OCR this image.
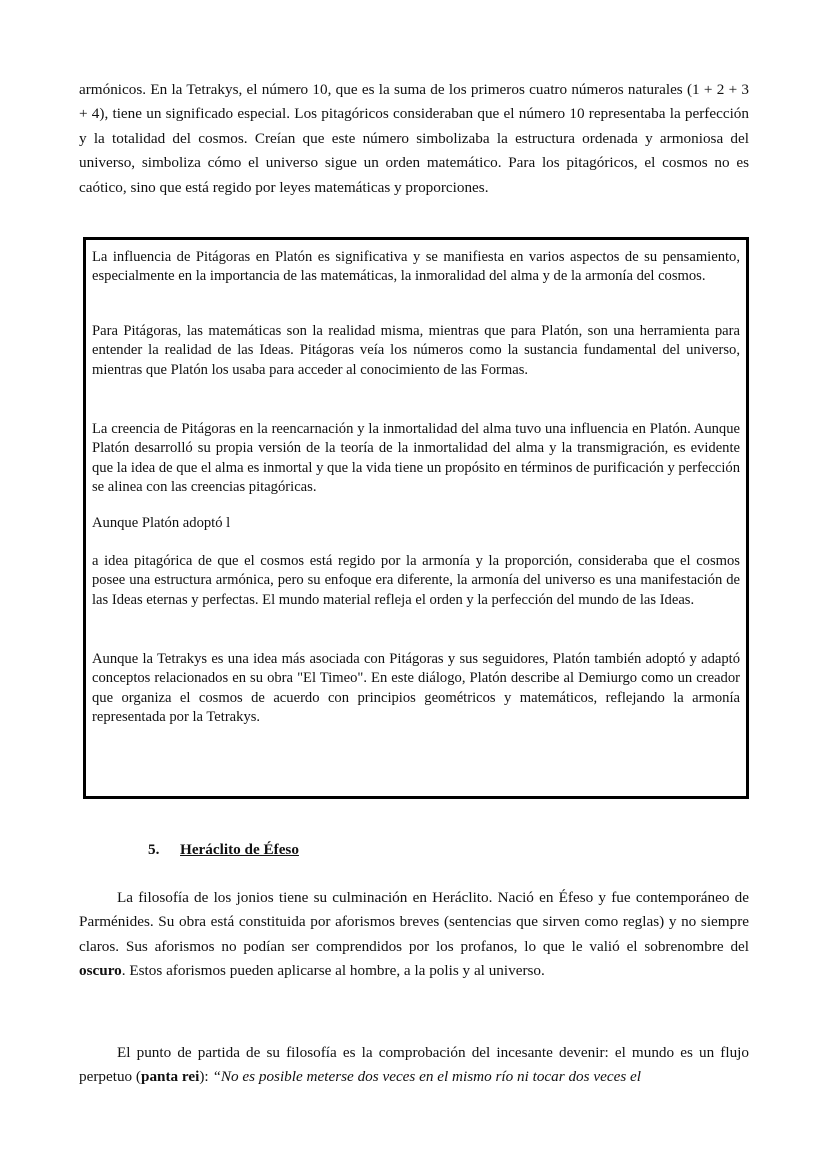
armónicos. En la Tetrakys, el número 10, que es la suma de los primeros cuatro números naturales (1 + 2 + 3 + 4), tiene un significado especial. Los pitagóricos consideraban que el número 10 representaba la perfección y la totalidad del cosmos. Creían que este número simbolizaba la estructura ordenada y armoniosa del universo, simboliza cómo el universo sigue un orden matemático. Para los pitagóricos, el cosmos no es caótico, sino que está regido por leyes matemáticas y proporciones.

La influencia de Pitágoras en Platón es significativa y se manifiesta en varios aspectos de su pensamiento, especialmente en la importancia de las matemáticas, la inmoralidad del alma y de la armonía del cosmos.

Para Pitágoras, las matemáticas son la realidad misma, mientras que para Platón, son una herramienta para entender la realidad de las Ideas. Pitágoras veía los números como la sustancia fundamental del universo, mientras que Platón los usaba para acceder al conocimiento de las Formas.

La creencia de Pitágoras en la reencarnación y la inmortalidad del alma tuvo una influencia en Platón. Aunque Platón desarrolló su propia versión de la teoría de la inmortalidad del alma y la transmigración, es evidente que la idea de que el alma es inmortal y que la vida tiene un propósito en términos de purificación y perfección se alinea con las creencias pitagóricas.

Aunque Platón adoptó l

a idea pitagórica de que el cosmos está regido por la armonía y la proporción, consideraba que el cosmos posee una estructura armónica, pero su enfoque era diferente, la armonía del universo es una manifestación de las Ideas eternas y perfectas. El mundo material refleja el orden y la perfección del mundo de las Ideas.

Aunque la Tetrakys es una idea más asociada con Pitágoras y sus seguidores, Platón también adoptó y adaptó conceptos relacionados en su obra "El Timeo". En este diálogo, Platón describe al Demiurgo como un creador que organiza el cosmos de acuerdo con principios geométricos y matemáticos, reflejando la armonía representada por la Tetrakys.

5. Heráclito de Éfeso

La filosofía de los jonios tiene su culminación en Heráclito. Nació en Éfeso y fue contemporáneo de Parménides. Su obra está constituida por aforismos breves (sentencias que sirven como reglas) y no siempre claros. Sus aforismos no podían ser comprendidos por los profanos, lo que le valió el sobrenombre del oscuro. Estos aforismos pueden aplicarse al hombre, a la polis y al universo.

El punto de partida de su filosofía es la comprobación del incesante devenir: el mundo es un flujo perpetuo (panta rei): “No es posible meterse dos veces en el mismo río ni tocar dos veces el
